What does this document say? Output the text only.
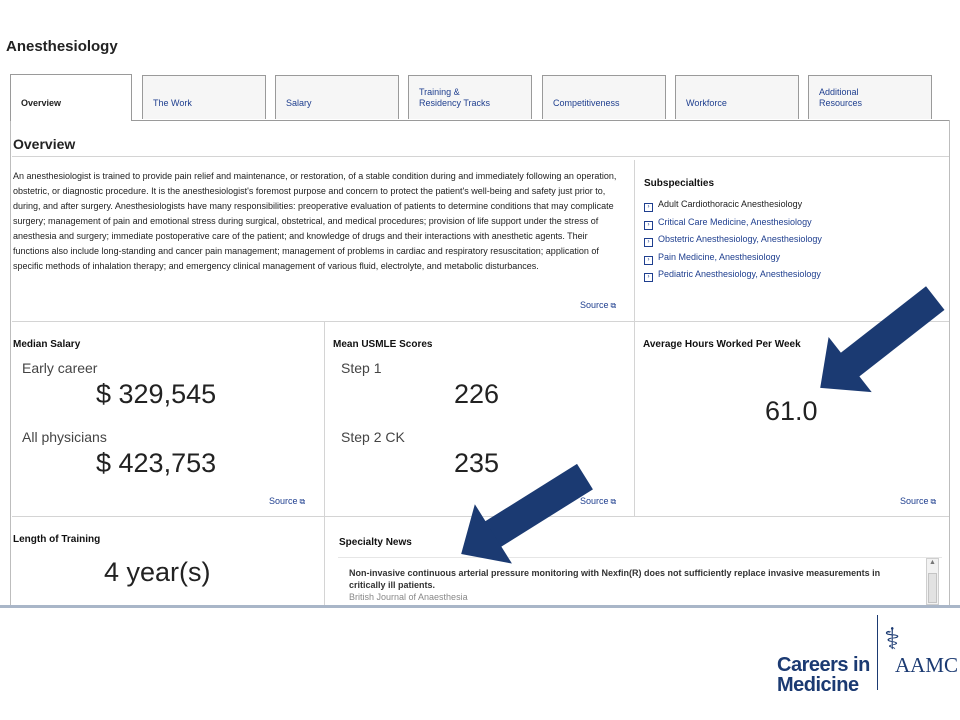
Anesthesiology
Overview	The Work	Salary
Training &
Residency Tracks	Competitiveness	Workforce
Additional
Resources
Overview
An anesthesiologist is trained to provide pain relief and maintenance, or restoration, of a stable condition during and immediately following an operation, obstetric, or diagnostic procedure. It is the anesthesiologist's foremost purpose and concern to protect the patient's well-being and safety just prior to, during, and after surgery. Anesthesiologists have many responsibilities: preoperative evaluation of patients to determine conditions that may complicate surgery; management of pain and emotional stress during surgical, obstetrical, and medical procedures; provision of life support under the stress of anesthesia and surgery; immediate postoperative care of the patient; and knowledge of drugs and their interactions with anesthetic agents. Their functions also include long-standing and cancer pain management; management of problems in cardiac and respiratory resuscitation; application of specific methods of inhalation therapy; and emergency clinical management of various fluid, electrolyte, and metabolic disturbances.
Source ⧉
Subspecialties
› Adult Cardiothoracic Anesthesiology
› Critical Care Medicine, Anesthesiology
› Obstetric Anesthesiology, Anesthesiology
› Pain Medicine, Anesthesiology
› Pediatric Anesthesiology, Anesthesiology
Median Salary
Early career
$ 329,545
All physicians
$ 423,753
Source ⧉
Mean USMLE Scores
Step 1
226
Step 2 CK
235
Source ⧉
Average Hours Worked Per Week
61.0
Source ⧉
Length of Training
4 year(s)
Specialty News
Non-invasive continuous arterial pressure monitoring with Nexfin(R) does not sufficiently replace invasive measurements in critically ill patients.
British Journal of Anaesthesia
▲
Careers in
Medicine
⚕
AAMC
